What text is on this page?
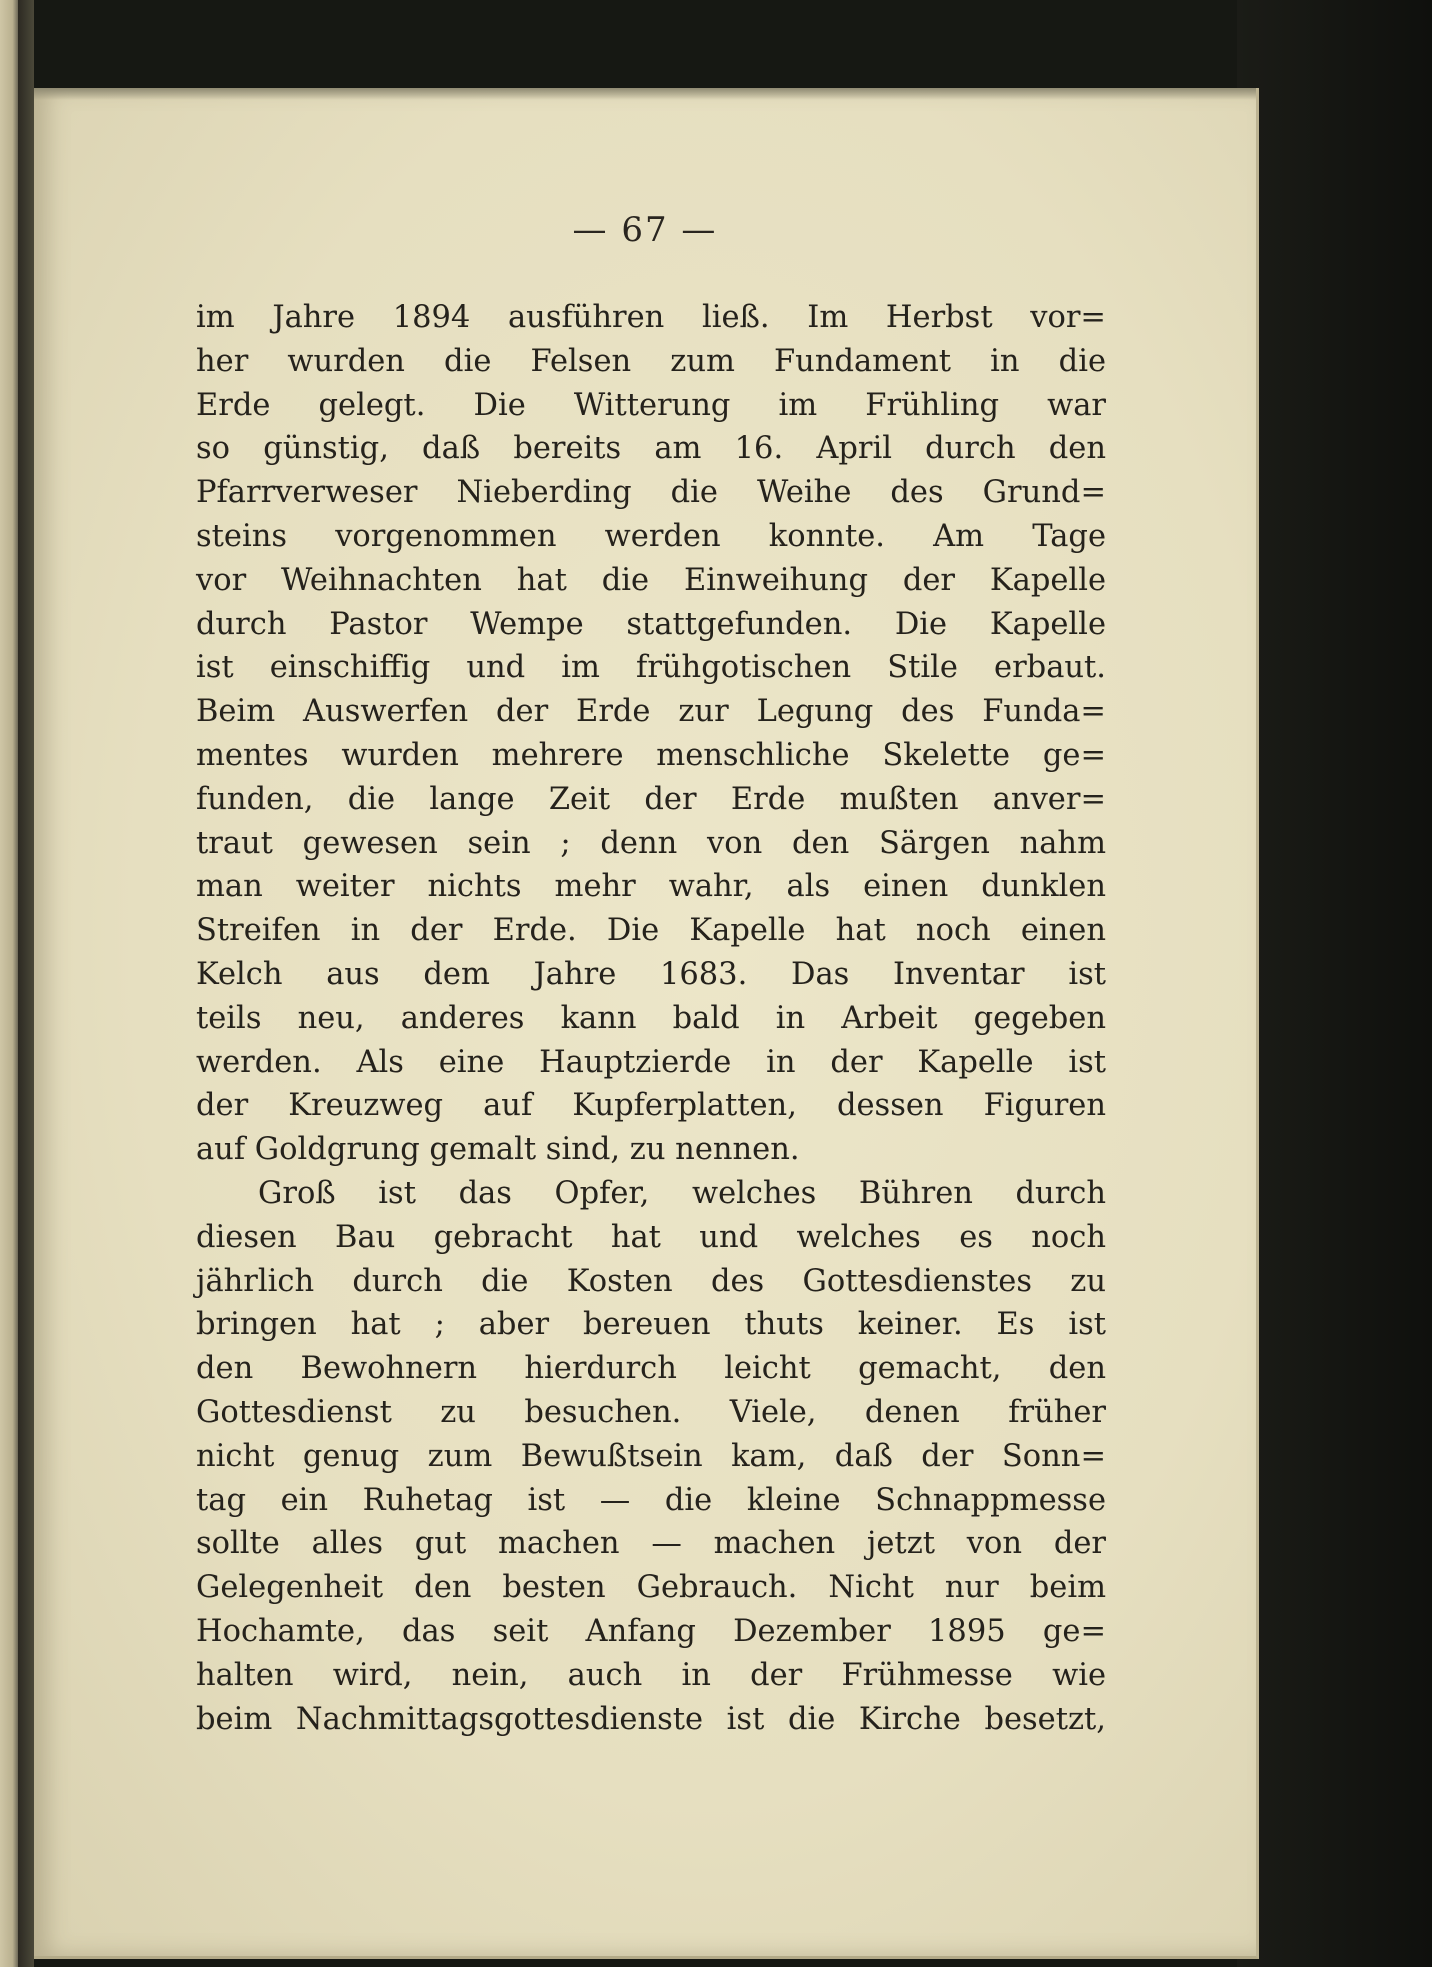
— 67 —
im Jahre 1894 ausführen ließ. Im Herbst vor=
her wurden die Felsen zum Fundament in die
Erde gelegt. Die Witterung im Frühling war
so günstig, daß bereits am 16. April durch den
Pfarrverweser Nieberding die Weihe des Grund=
steins vorgenommen werden konnte. Am Tage
vor Weihnachten hat die Einweihung der Kapelle
durch Pastor Wempe stattgefunden. Die Kapelle
ist einschiffig und im frühgotischen Stile erbaut.
Beim Auswerfen der Erde zur Legung des Funda=
mentes wurden mehrere menschliche Skelette ge=
funden, die lange Zeit der Erde mußten anver=
traut gewesen sein ; denn von den Särgen nahm
man weiter nichts mehr wahr, als einen dunklen
Streifen in der Erde. Die Kapelle hat noch einen
Kelch aus dem Jahre 1683. Das Inventar ist
teils neu, anderes kann bald in Arbeit gegeben
werden. Als eine Hauptzierde in der Kapelle ist
der Kreuzweg auf Kupferplatten, dessen Figuren
auf Goldgrung gemalt sind, zu nennen.
Groß ist das Opfer, welches Bühren durch
diesen Bau gebracht hat und welches es noch
jährlich durch die Kosten des Gottesdienstes zu
bringen hat ; aber bereuen thuts keiner. Es ist
den Bewohnern hierdurch leicht gemacht, den
Gottesdienst zu besuchen. Viele, denen früher
nicht genug zum Bewußtsein kam, daß der Sonn=
tag ein Ruhetag ist — die kleine Schnappmesse
sollte alles gut machen — machen jetzt von der
Gelegenheit den besten Gebrauch. Nicht nur beim
Hochamte, das seit Anfang Dezember 1895 ge=
halten wird, nein, auch in der Frühmesse wie
beim Nachmittagsgottesdienste ist die Kirche besetzt,
